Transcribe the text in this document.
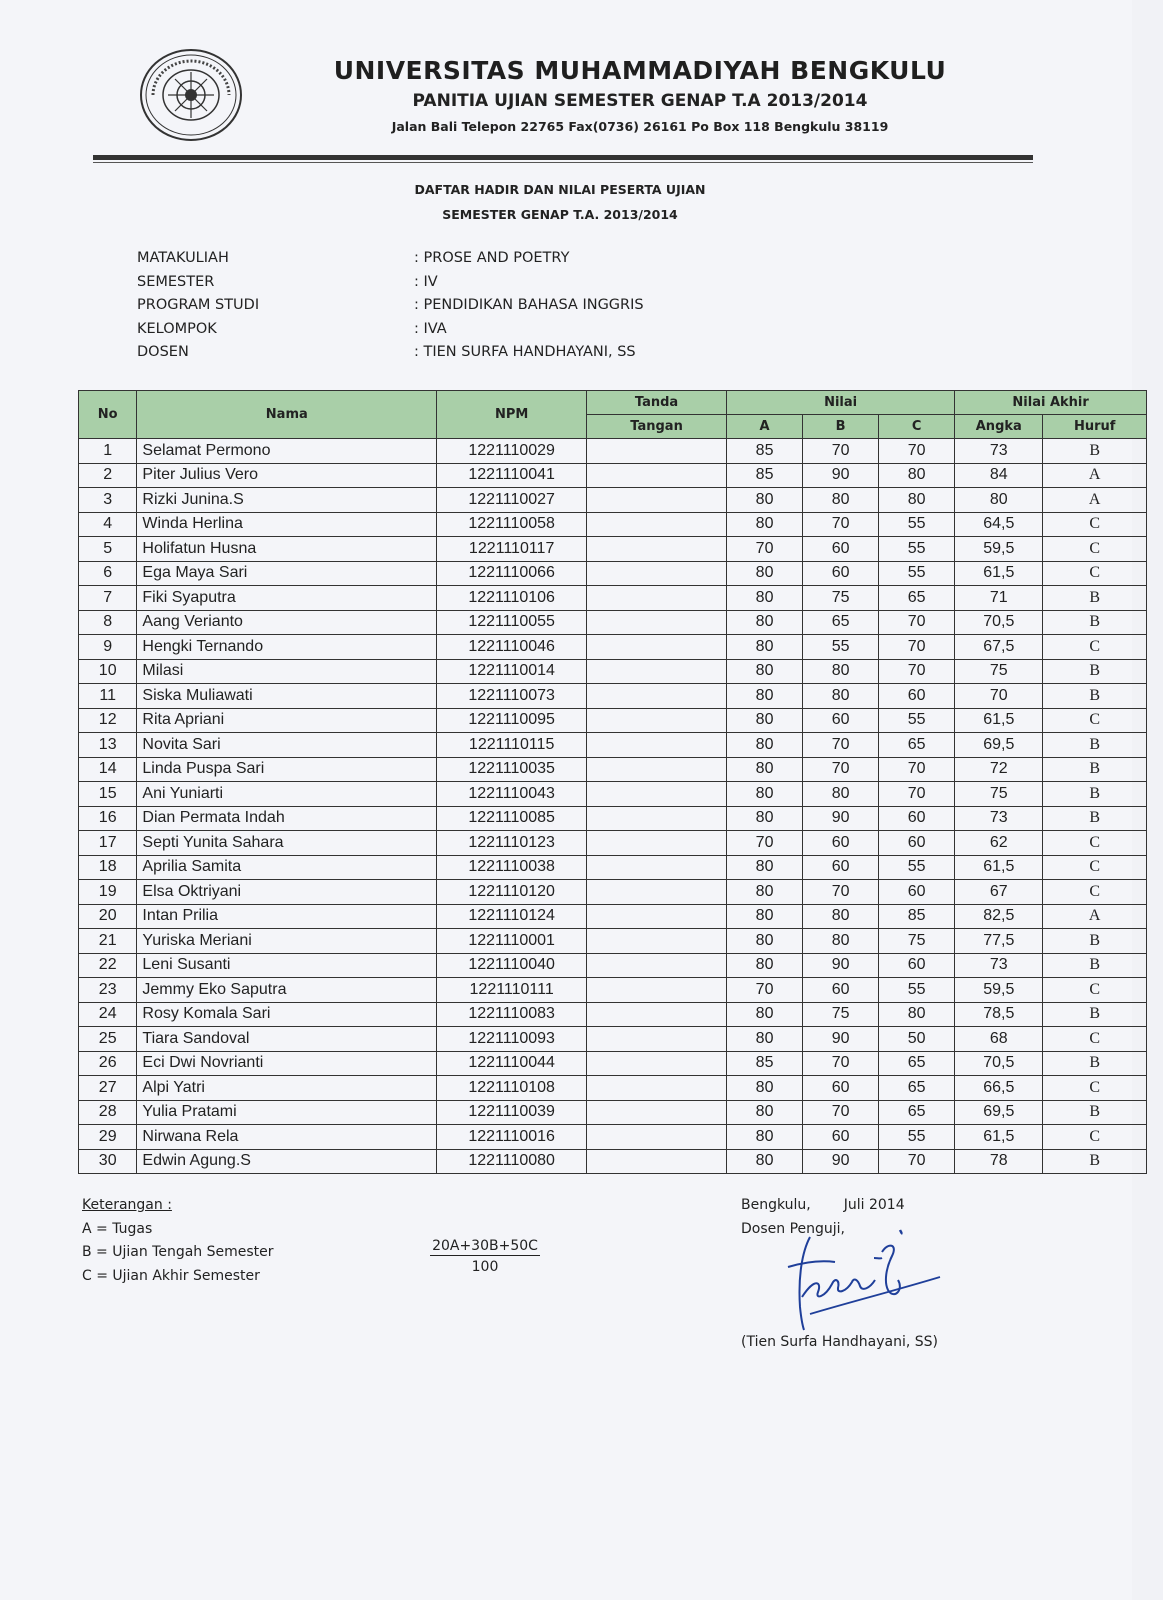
UNIVERSITAS MUHAMMADIYAH BENGKULU
PANITIA UJIAN SEMESTER GENAP T.A 2013/2014
Jalan Bali Telepon 22765 Fax(0736) 26161 Po Box 118 Bengkulu 38119
DAFTAR HADIR DAN NILAI PESERTA UJIAN
SEMESTER GENAP T.A. 2013/2014
MATAKULIAH	: PROSE AND POETRY
SEMESTER	: IV
PROGRAM STUDI	: PENDIDIKAN BAHASA INGGRIS
KELOMPOK	: IVA
DOSEN	: TIEN SURFA HANDHAYANI, SS
No	Nama	NPM	Tanda	Nilai			Nilai Akhir	
			Tangan	A	B	C	Angka	Huruf
1	Selamat Permono	1221110029		85	70	70	73	B
2	Piter Julius Vero	1221110041		85	90	80	84	A
3	Rizki Junina.S	1221110027		80	80	80	80	A
4	Winda Herlina	1221110058		80	70	55	64,5	C
5	Holifatun Husna	1221110117		70	60	55	59,5	C
6	Ega Maya Sari	1221110066		80	60	55	61,5	C
7	Fiki Syaputra	1221110106		80	75	65	71	B
8	Aang Verianto	1221110055		80	65	70	70,5	B
9	Hengki Ternando	1221110046		80	55	70	67,5	C
10	Milasi	1221110014		80	80	70	75	B
11	Siska Muliawati	1221110073		80	80	60	70	B
12	Rita Apriani	1221110095		80	60	55	61,5	C
13	Novita Sari	1221110115		80	70	65	69,5	B
14	Linda Puspa Sari	1221110035		80	70	70	72	B
15	Ani Yuniarti	1221110043		80	80	70	75	B
16	Dian Permata Indah	1221110085		80	90	60	73	B
17	Septi Yunita Sahara	1221110123		70	60	60	62	C
18	Aprilia Samita	1221110038		80	60	55	61,5	C
19	Elsa Oktriyani	1221110120		80	70	60	67	C
20	Intan Prilia	1221110124		80	80	85	82,5	A
21	Yuriska Meriani	1221110001		80	80	75	77,5	B
22	Leni Susanti	1221110040		80	90	60	73	B
23	Jemmy Eko Saputra	1221110111		70	60	55	59,5	C
24	Rosy Komala Sari	1221110083		80	75	80	78,5	B
25	Tiara Sandoval	1221110093		80	90	50	68	C
26	Eci Dwi Novrianti	1221110044		85	70	65	70,5	B
27	Alpi Yatri	1221110108		80	60	65	66,5	C
28	Yulia Pratami	1221110039		80	70	65	69,5	B
29	Nirwana Rela	1221110016		80	60	55	61,5	C
30	Edwin Agung.S	1221110080		80	90	70	78	B
Keterangan :
A = Tugas
B = Ujian Tengah Semester
C = Ujian Akhir Semester
$\frac{20A+30B+50C}{100}$
Bengkulu, Juli 2014
Dosen Penguji,
(Tien Surfa Handhayani, SS)
